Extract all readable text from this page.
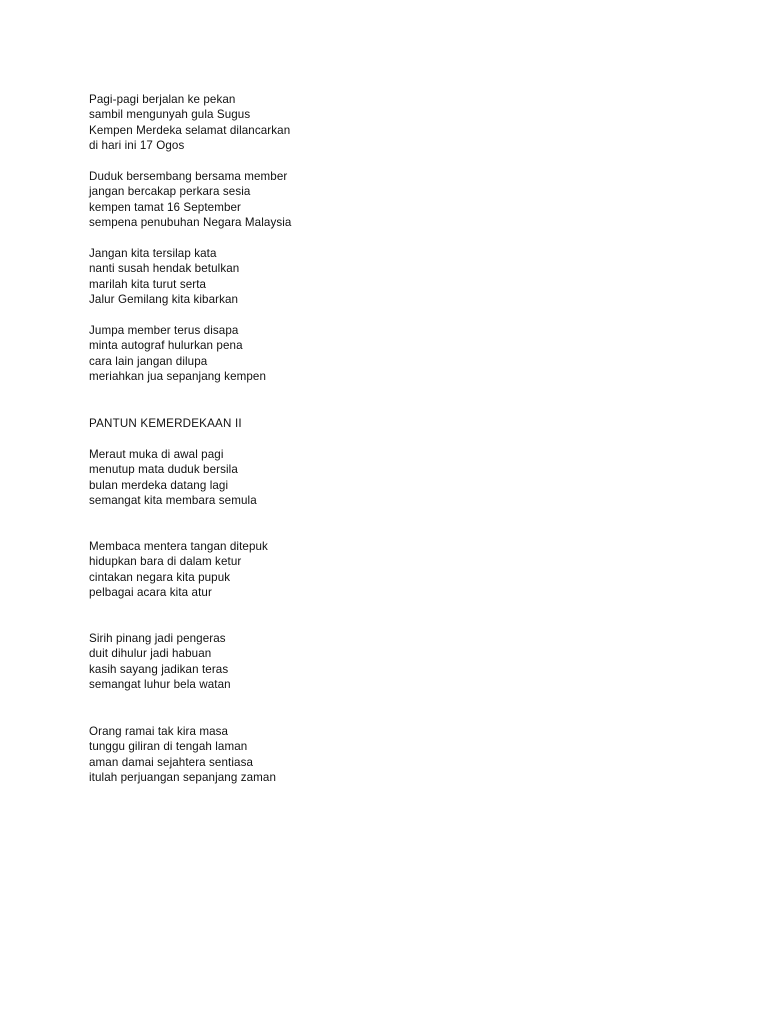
Pagi-pagi berjalan ke pekan
sambil mengunyah gula Sugus
Kempen Merdeka selamat dilancarkan
di hari ini 17 Ogos
Duduk bersembang bersama member
jangan bercakap perkara sesia
kempen tamat 16 September
sempena penubuhan Negara Malaysia
Jangan kita tersilap kata
nanti susah hendak betulkan
marilah kita turut serta
Jalur Gemilang kita kibarkan
Jumpa member terus disapa
minta autograf hulurkan pena
cara lain jangan dilupa
meriahkan jua sepanjang kempen
PANTUN KEMERDEKAAN II
Meraut muka di awal pagi
menutup mata duduk bersila
bulan merdeka datang lagi
semangat kita membara semula
Membaca mentera tangan ditepuk
hidupkan bara di dalam ketur
cintakan negara kita pupuk
pelbagai acara kita atur
Sirih pinang jadi pengeras
duit dihulur jadi habuan
kasih sayang jadikan teras
semangat luhur bela watan
Orang ramai tak kira masa
tunggu giliran di tengah laman
aman damai sejahtera sentiasa
itulah perjuangan sepanjang zaman
